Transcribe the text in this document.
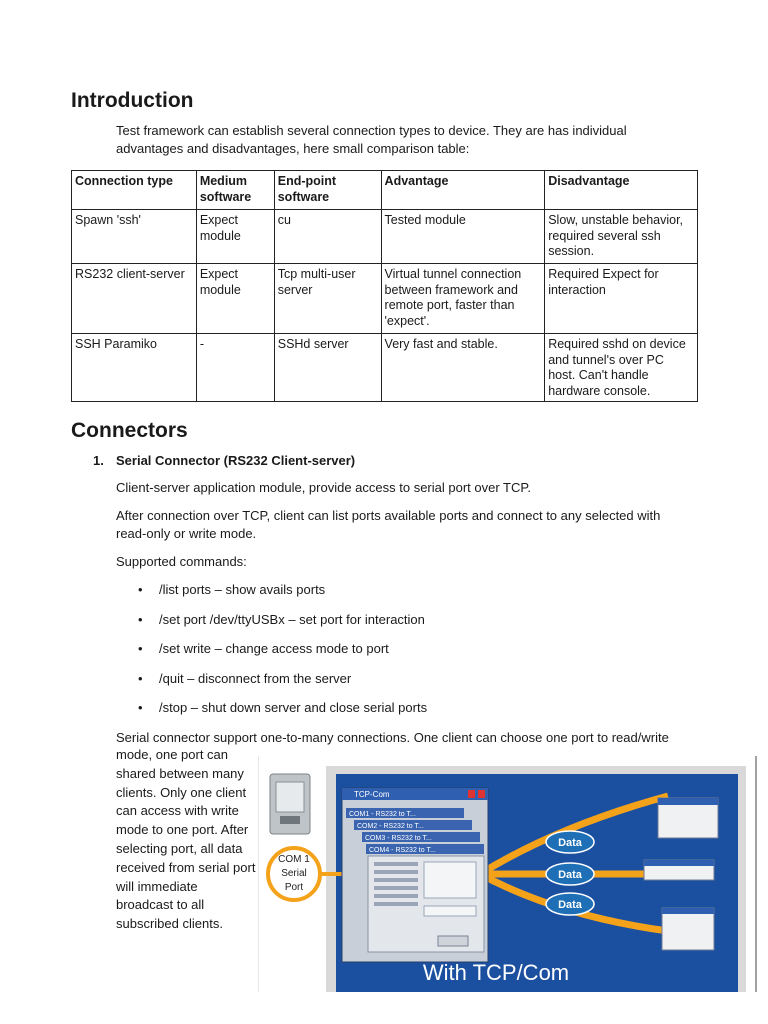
Introduction

Test framework can establish several connection types to device. They are has individual advantages and disadvantages, here small comparison table:

Connection type	Medium software	End-point software	Advantage	Disadvantage
Spawn 'ssh'	Expect module	cu	Tested module	Slow, unstable behavior, required several ssh session.
RS232 client-server	Expect module	Tcp multi-user server	Virtual tunnel connection between framework and remote port, faster than 'expect'.	Required Expect for interaction
SSH Paramiko	-	SSHd server	Very fast and stable.	Required sshd on device and tunnel's over PC host. Can't handle hardware console.
Connectors
1. Serial Connector (RS232 Client-server)

Client-server application module, provide access to serial port over TCP.

After connection over TCP, client can list ports available ports and connect to any selected with read-only or write mode.

Supported commands:

• /list ports – show avails ports
• /set port /dev/ttyUSBx – set port for interaction
• /set write – change access mode to port
• /quit – disconnect from the server
• /stop – shut down server and close serial ports

Serial connector support one-to-many connections. One client can choose one port to read/write

mode, one port can shared between many clients. Only one client can access with write mode to one port. After selecting port, all data received from serial port will immediate broadcast to all subscribed clients.
COM 1
Serial
Port
TCP-Com
COM1 - RS232 to T...
COM2 - RS232 to T...
COM3 - RS232 to T...
COM4 - RS232 to T...
Data
Data
Data
With TCP/Com
